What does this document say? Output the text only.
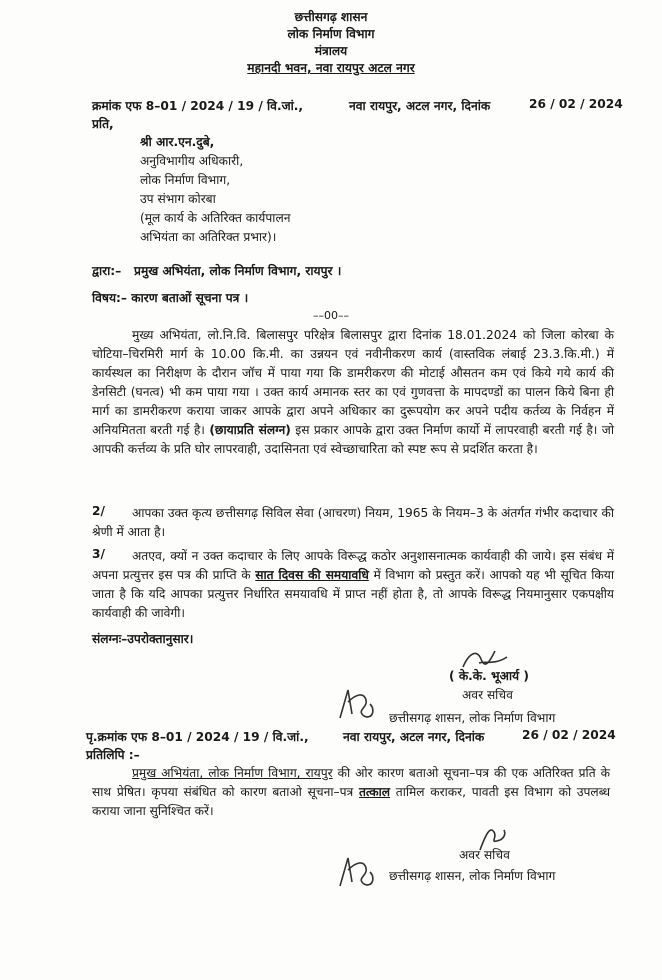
छत्तीसगढ़ शासन
लोक निर्माण विभाग
मंत्रालय
महानदी भवन, नवा रायपुर अटल नगर
क्रमांक एफ 8–01 / 2024 / 19 / वि.जां.,	नवा रायपुर, अटल नगर, दिनांक	26 / 02 / 2024
प्रति,
श्री आर.एन.दुबे,
अनुविभागीय अधिकारी,
लोक निर्माण विभाग,
उप संभाग कोरबा
(मूल कार्य के अतिरिक्त कार्यपालन
अभियंता का अतिरिक्त प्रभार)।
द्वारा:– प्रमुख अभियंता, लोक निर्माण विभाग, रायपुर ।
विषय:– कारण बताओं सूचना पत्र ।
––00––
मुख्य अभियंता, लो.नि.वि. बिलासपुर परिक्षेत्र बिलासपुर द्वारा दिनांक 18.01.2024 को जिला कोरबा के चोटिया–चिरमिरी मार्ग के 10.00 कि.मी. का उन्नयन एवं नवीनीकरण कार्य (वास्तविक लंबाई 23.3.कि.मी.) में कार्यस्थल का निरीक्षण के दौरान जॉच में पाया गया कि डामरीकरण की मोटाई औसतन कम एवं किये गये कार्य की डेनसिटी (घनत्व) भी कम पाया गया । उक्त कार्य अमानक स्तर का एवं गुणवत्ता के मापदण्डों का पालन किये बिना ही मार्ग का डामरीकरण कराया जाकर आपके द्वारा अपने अधिकार का दुरूपयोग कर अपने पदीय कर्तव्य के निर्वहन में अनियमितता बरती गई है। (छायाप्रति संलग्न) इस प्रकार आपके द्वारा उक्त निर्माण कार्यो में लापरवाही बरती गई है। जो आपकी कर्त्तव्य के प्रति घोर लापरवाही, उदासिनता एवं स्वेच्छाचारिता को स्पष्ट रूप से प्रदर्शित करता है।
2/	आपका उक्त कृत्य छत्तीसगढ़ सिविल सेवा (आचरण) नियम, 1965 के नियम–3 के अंतर्गत गंभीर कदाचार की श्रेणी में आता है।
3/	अतएव, क्यों न उक्त कदाचार के लिए आपके विरूद्ध कठोर अनुशासनात्मक कार्यवाही की जाये। इस संबंध में अपना प्रत्युत्तर इस पत्र की प्राप्ति के सात दिवस की समयावधि में विभाग को प्रस्तुत करें। आपको यह भी सूचित किया जाता है कि यदि आपका प्रत्युत्तर निर्धारित समयावधि में प्राप्त नहीं होता है, तो आपके विरूद्ध नियमानुसार एकपक्षीय कार्यवाही की जावेगी।
संलग्नः–उपरोक्तानुसार।
( के.के. भूआर्य )
अवर सचिव
छत्तीसगढ़ शासन, लोक निर्माण विभाग
पृ.क्रमांक एफ 8–01 / 2024 / 19 / वि.जां.,	नवा रायपुर, अटल नगर, दिनांक	26 / 02 / 2024
प्रतिलिपि :–
प्रमुख अभियंता, लोक निर्माण विभाग, रायपुर की ओर कारण बताओ सूचना–पत्र की एक अतिरिक्त प्रति के साथ प्रेषित। कृपया संबंधित को कारण बताओ सूचना–पत्र तत्काल तामिल कराकर, पावती इस विभाग को उपलब्ध कराया जाना सुनिश्चित करें।
अवर सचिव
छत्तीसगढ़ शासन, लोक निर्माण विभाग
